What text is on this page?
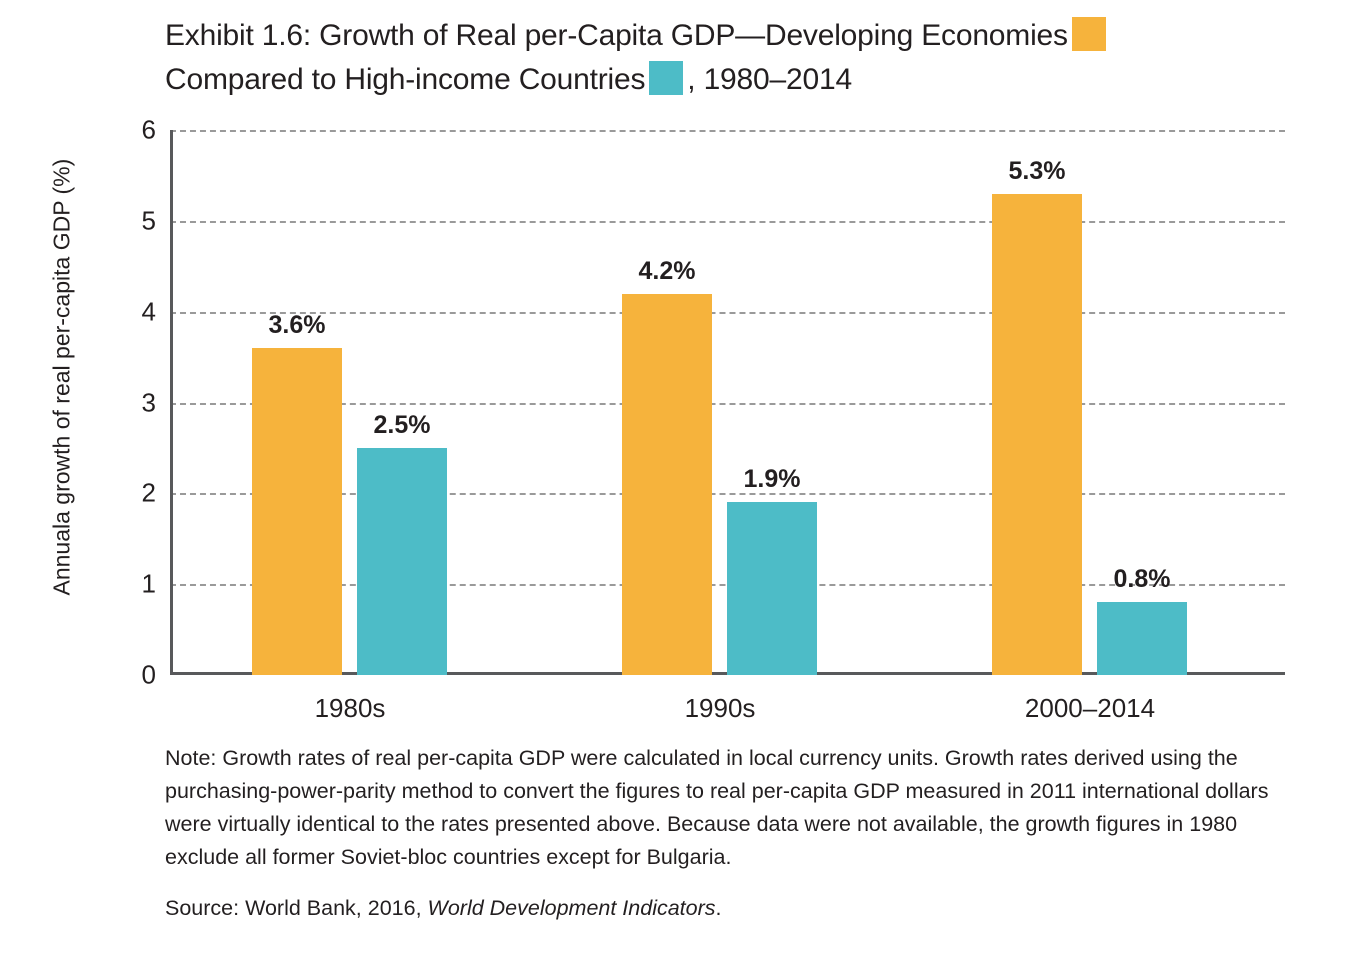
Exhibit 1.6: Growth of Real per-Capita GDP—Developing Economies
Compared to High-income Countries , 1980–2014
Annuala growth of real per-capita GDP (%)
6
5
4
3
2
1
0
3.6%
2.5%
1980s
4.2%
1.9%
1990s
5.3%
0.8%
2000–2014

Note: Growth rates of real per-capita GDP were calculated in local currency units. Growth rates derived using the purchasing-power-parity method to convert the figures to real per-capita GDP measured in 2011 international dollars were virtually identical to the rates presented above. Because data were not available, the growth figures in 1980 exclude all former Soviet-bloc countries except for Bulgaria.

Source: World Bank, 2016, World Development Indicators.
